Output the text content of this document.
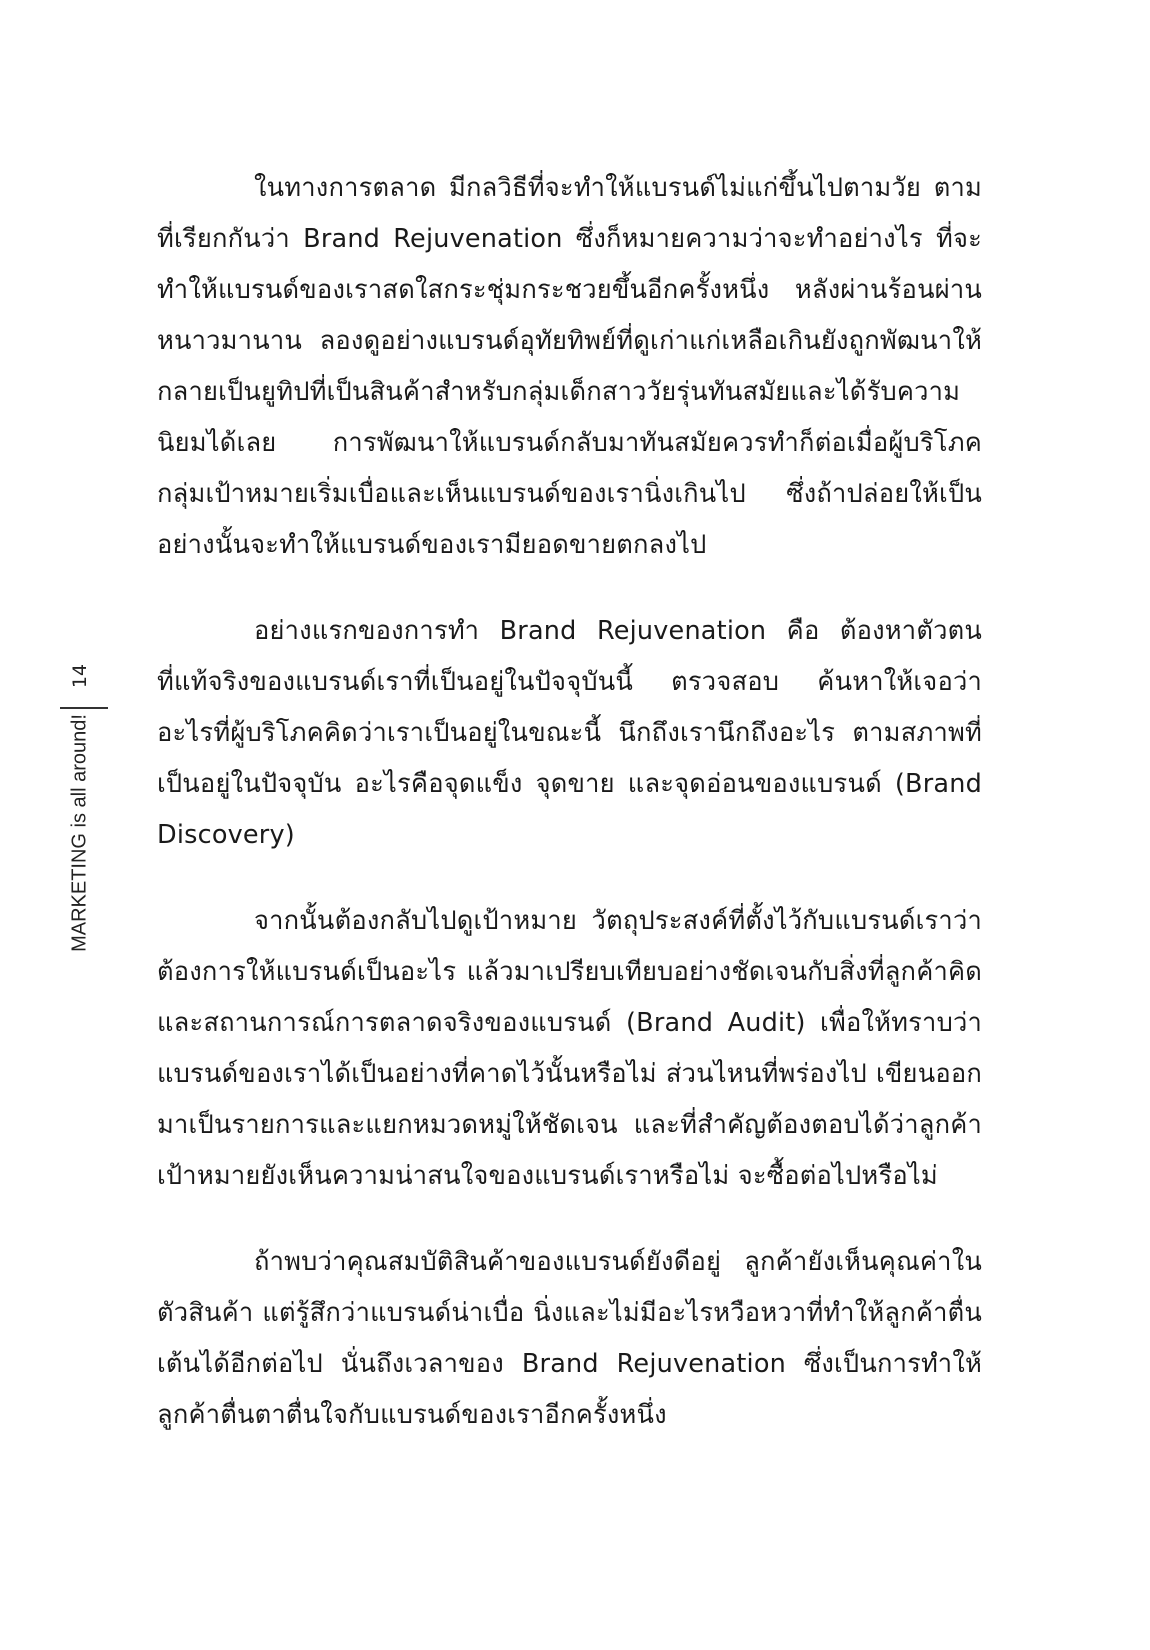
14
MARKETING is all around!

ในทางการตลาด มีกลวิธีที่จะทำให้แบรนด์ไม่แก่ขึ้นไปตามวัย ตามที่เรียกกันว่า Brand Rejuvenation ซึ่งก็หมายความว่าจะทำอย่างไร ที่จะทำให้แบรนด์ของเราสดใสกระชุ่มกระชวยขึ้นอีกครั้งหนึ่ง หลังผ่านร้อนผ่านหนาวมานาน ลองดูอย่างแบรนด์อุทัยทิพย์ที่ดูเก่าแก่เหลือเกินยังถูกพัฒนาให้กลายเป็นยูทิปที่เป็นสินค้าสำหรับกลุ่มเด็กสาววัยรุ่นทันสมัยและได้รับความนิยมได้เลย การพัฒนาให้แบรนด์กลับมาทันสมัยควรทำก็ต่อเมื่อผู้บริโภคกลุ่มเป้าหมายเริ่มเบื่อและเห็นแบรนด์ของเรานิ่งเกินไป ซึ่งถ้าปล่อยให้เป็นอย่างนั้นจะทำให้แบรนด์ของเรามียอดขายตกลงไป

อย่างแรกของการทำ Brand Rejuvenation คือ ต้องหาตัวตนที่แท้จริงของแบรนด์เราที่เป็นอยู่ในปัจจุบันนี้ ตรวจสอบ ค้นหาให้เจอว่า อะไรที่ผู้บริโภคคิดว่าเราเป็นอยู่ในขณะนี้ นึกถึงเรานึกถึงอะไร ตามสภาพที่เป็นอยู่ในปัจจุบัน อะไรคือจุดแข็ง จุดขาย และจุดอ่อนของแบรนด์ (Brand Discovery)

จากนั้นต้องกลับไปดูเป้าหมาย วัตถุประสงค์ที่ตั้งไว้กับแบรนด์เราว่าต้องการให้แบรนด์เป็นอะไร แล้วมาเปรียบเทียบอย่างชัดเจนกับสิ่งที่ลูกค้าคิด และสถานการณ์การตลาดจริงของแบรนด์ (Brand Audit) เพื่อให้ทราบว่าแบรนด์ของเราได้เป็นอย่างที่คาดไว้นั้นหรือไม่ ส่วนไหนที่พร่องไป เขียนออกมาเป็นรายการและแยกหมวดหมู่ให้ชัดเจน และที่สำคัญต้องตอบได้ว่าลูกค้าเป้าหมายยังเห็นความน่าสนใจของแบรนด์เราหรือไม่ จะซื้อต่อไปหรือไม่

ถ้าพบว่าคุณสมบัติสินค้าของแบรนด์ยังดีอยู่ ลูกค้ายังเห็นคุณค่าในตัวสินค้า แต่รู้สึกว่าแบรนด์น่าเบื่อ นิ่งและไม่มีอะไรหวือหวาที่ทำให้ลูกค้าตื่นเต้นได้อีกต่อไป นั่นถึงเวลาของ Brand Rejuvenation ซึ่งเป็นการทำให้ลูกค้าตื่นตาตื่นใจกับแบรนด์ของเราอีกครั้งหนึ่ง
